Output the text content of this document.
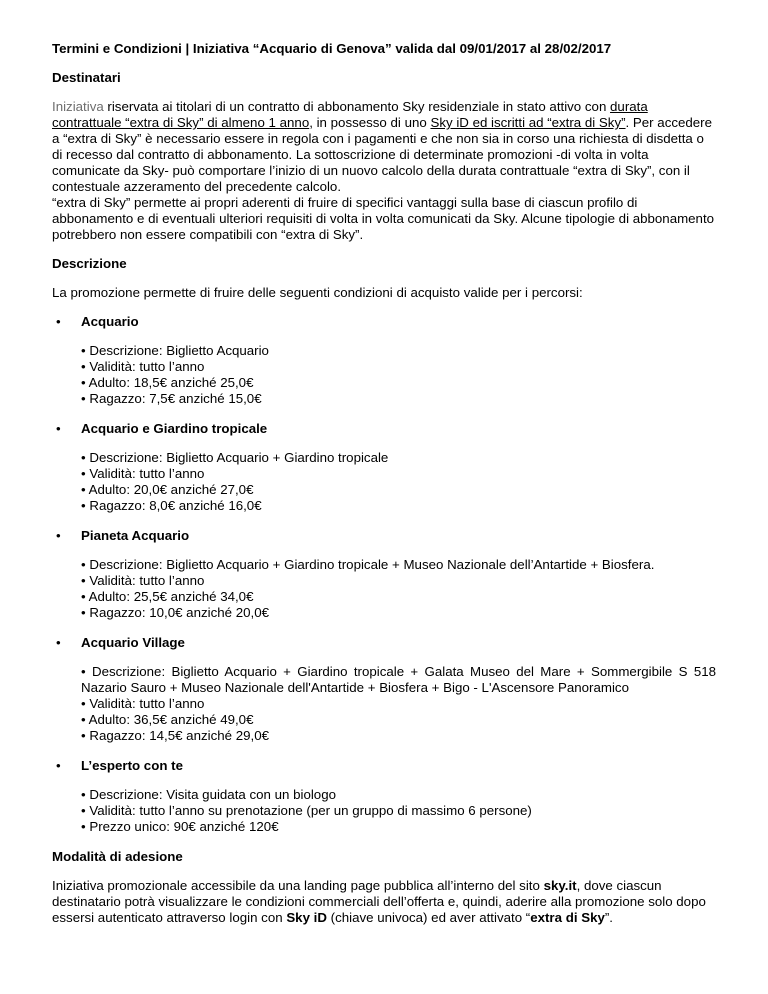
Termini e Condizioni | Iniziativa “Acquario di Genova” valida dal 09/01/2017 al 28/02/2017
Destinatari

Iniziativa riservata ai titolari di un contratto di abbonamento Sky residenziale in stato attivo con durata contrattuale “extra di Sky” di almeno 1 anno, in possesso di uno Sky iD ed iscritti ad “extra di Sky”. Per accedere a “extra di Sky” è necessario essere in regola con i pagamenti e che non sia in corso una richiesta di disdetta o di recesso dal contratto di abbonamento. La sottoscrizione di determinate promozioni -di volta in volta comunicate da Sky- può comportare l’inizio di un nuovo calcolo della durata contrattuale “extra di Sky”, con il contestuale azzeramento del precedente calcolo.

“extra di Sky” permette ai propri aderenti di fruire di specifici vantaggi sulla base di ciascun profilo di abbonamento e di eventuali ulteriori requisiti di volta in volta comunicati da Sky. Alcune tipologie di abbonamento potrebbero non essere compatibili con “extra di Sky”.

Descrizione

La promozione permette di fruire delle seguenti condizioni di acquisto valide per i percorsi:

• Acquario
• Descrizione: Biglietto Acquario
• Validità: tutto l’anno
• Adulto: 18,5€ anziché 25,0€
• Ragazzo: 7,5€ anziché 15,0€
• Acquario e Giardino tropicale
• Descrizione: Biglietto Acquario + Giardino tropicale
• Validità: tutto l’anno
• Adulto: 20,0€ anziché 27,0€
• Ragazzo: 8,0€ anziché 16,0€
• Pianeta Acquario
• Descrizione: Biglietto Acquario + Giardino tropicale + Museo Nazionale dell’Antartide + Biosfera.
• Validità: tutto l’anno
• Adulto: 25,5€ anziché 34,0€
• Ragazzo: 10,0€ anziché 20,0€
• Acquario Village
• Descrizione: Biglietto Acquario + Giardino tropicale + Galata Museo del Mare + Sommergibile S 518 Nazario Sauro + Museo Nazionale dell'Antartide + Biosfera + Bigo - L'Ascensore Panoramico
• Validità: tutto l’anno
• Adulto: 36,5€ anziché 49,0€
• Ragazzo: 14,5€ anziché 29,0€
• L’esperto con te
• Descrizione: Visita guidata con un biologo
• Validità: tutto l’anno su prenotazione (per un gruppo di massimo 6 persone)
• Prezzo unico: 90€ anziché 120€
Modalità di adesione

Iniziativa promozionale accessibile da una landing page pubblica all’interno del sito sky.it, dove ciascun destinatario potrà visualizzare le condizioni commerciali dell’offerta e, quindi, aderire alla promozione solo dopo essersi autenticato attraverso login con Sky iD (chiave univoca) ed aver attivato “extra di Sky”.
